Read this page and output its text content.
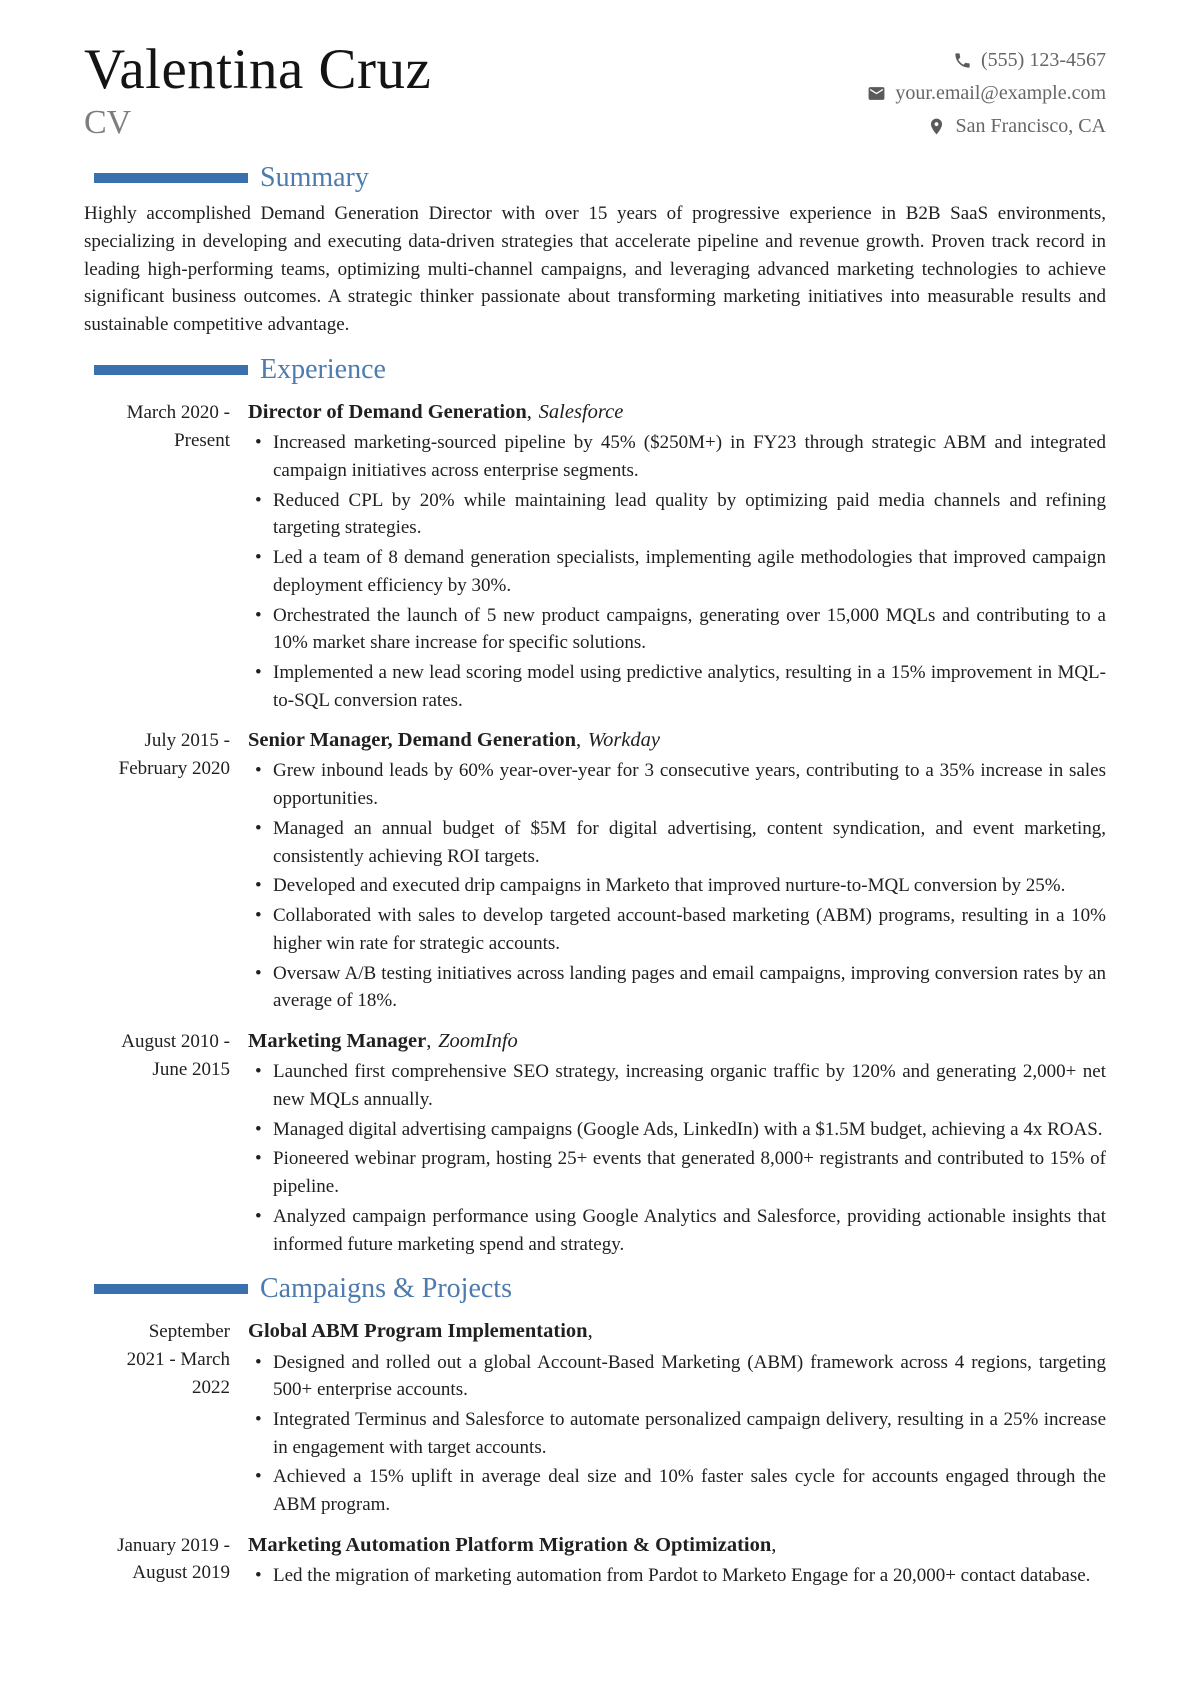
Valentina Cruz
CV
(555) 123-4567
your.email@example.com
San Francisco, CA
Summary

Highly accomplished Demand Generation Director with over 15 years of progressive experience in B2B SaaS environments, specializing in developing and executing data-driven strategies that accelerate pipeline and revenue growth. Proven track record in leading high-performing teams, optimizing multi-channel campaigns, and leveraging advanced marketing technologies to achieve significant business outcomes. A strategic thinker passionate about transforming marketing initiatives into measurable results and sustainable competitive advantage.

Experience
March 2020 - Present
Director of Demand Generation, Salesforce
• Increased marketing-sourced pipeline by 45% ($250M+) in FY23 through strategic ABM and integrated campaign initiatives across enterprise segments.
• Reduced CPL by 20% while maintaining lead quality by optimizing paid media channels and refining targeting strategies.
• Led a team of 8 demand generation specialists, implementing agile methodologies that improved campaign deployment efficiency by 30%.
• Orchestrated the launch of 5 new product campaigns, generating over 15,000 MQLs and contributing to a 10% market share increase for specific solutions.
• Implemented a new lead scoring model using predictive analytics, resulting in a 15% improvement in MQL-to-SQL conversion rates.
July 2015 - February 2020
Senior Manager, Demand Generation, Workday
• Grew inbound leads by 60% year-over-year for 3 consecutive years, contributing to a 35% increase in sales opportunities.
• Managed an annual budget of $5M for digital advertising, content syndication, and event marketing, consistently achieving ROI targets.
• Developed and executed drip campaigns in Marketo that improved nurture-to-MQL conversion by 25%.
• Collaborated with sales to develop targeted account-based marketing (ABM) programs, resulting in a 10% higher win rate for strategic accounts.
• Oversaw A/B testing initiatives across landing pages and email campaigns, improving conversion rates by an average of 18%.
August 2010 - June 2015
Marketing Manager, ZoomInfo
• Launched first comprehensive SEO strategy, increasing organic traffic by 120% and generating 2,000+ net new MQLs annually.
• Managed digital advertising campaigns (Google Ads, LinkedIn) with a $1.5M budget, achieving a 4x ROAS.
• Pioneered webinar program, hosting 25+ events that generated 8,000+ registrants and contributed to 15% of pipeline.
• Analyzed campaign performance using Google Analytics and Salesforce, providing actionable insights that informed future marketing spend and strategy.
Campaigns & Projects
September 2021 - March 2022
Global ABM Program Implementation,
• Designed and rolled out a global Account-Based Marketing (ABM) framework across 4 regions, targeting 500+ enterprise accounts.
• Integrated Terminus and Salesforce to automate personalized campaign delivery, resulting in a 25% increase in engagement with target accounts.
• Achieved a 15% uplift in average deal size and 10% faster sales cycle for accounts engaged through the ABM program.
January 2019 - August 2019
Marketing Automation Platform Migration & Optimization,
• Led the migration of marketing automation from Pardot to Marketo Engage for a 20,000+ contact database.
